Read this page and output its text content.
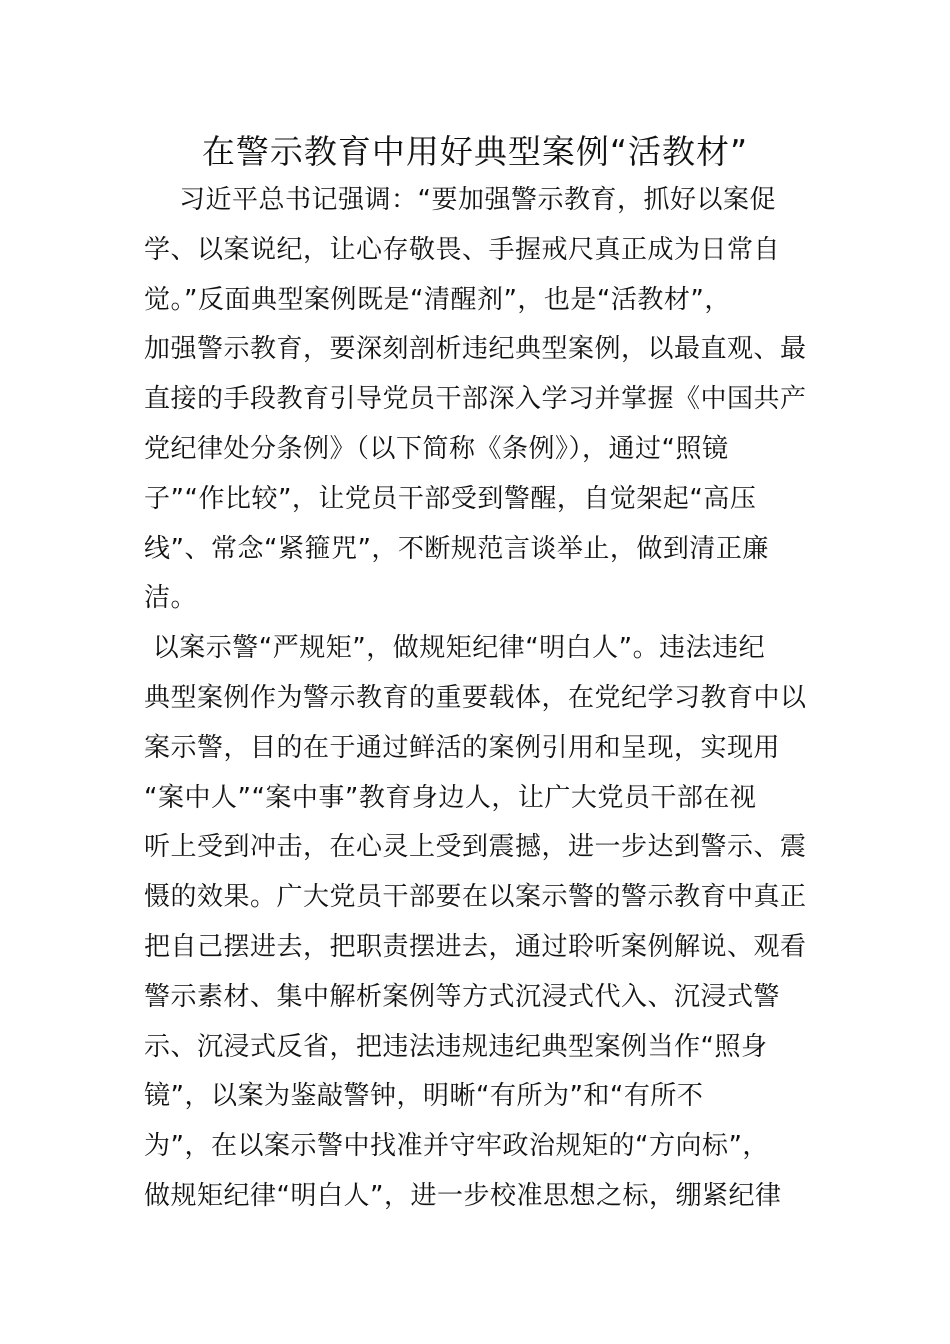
在警示教育中用好典型案例“活教材”
习近平总书记强调：“要加强警示教育，抓好以案促
学、以案说纪，让心存敬畏、手握戒尺真正成为日常自
觉。”反面典型案例既是“清醒剂”，也是“活教材”，
加强警示教育，要深刻剖析违纪典型案例，以最直观、最
直接的手段教育引导党员干部深入学习并掌握《中国共产
党纪律处分条例》（以下简称《条例》），通过“照镜
子”“作比较”，让党员干部受到警醒，自觉架起“高压
线”、常念“紧箍咒”，不断规范言谈举止，做到清正廉
洁。
以案示警“严规矩”，做规矩纪律“明白人”。违法违纪
典型案例作为警示教育的重要载体，在党纪学习教育中以
案示警，目的在于通过鲜活的案例引用和呈现，实现用
“案中人”“案中事”教育身边人，让广大党员干部在视
听上受到冲击，在心灵上受到震撼，进一步达到警示、震
慑的效果。广大党员干部要在以案示警的警示教育中真正
把自己摆进去，把职责摆进去，通过聆听案例解说、观看
警示素材、集中解析案例等方式沉浸式代入、沉浸式警
示、沉浸式反省，把违法违规违纪典型案例当作“照身
镜”，以案为鉴敲警钟，明晰“有所为”和“有所不
为”，在以案示警中找准并守牢政治规矩的“方向标”，
做规矩纪律“明白人”，进一步校准思想之标，绷紧纪律
